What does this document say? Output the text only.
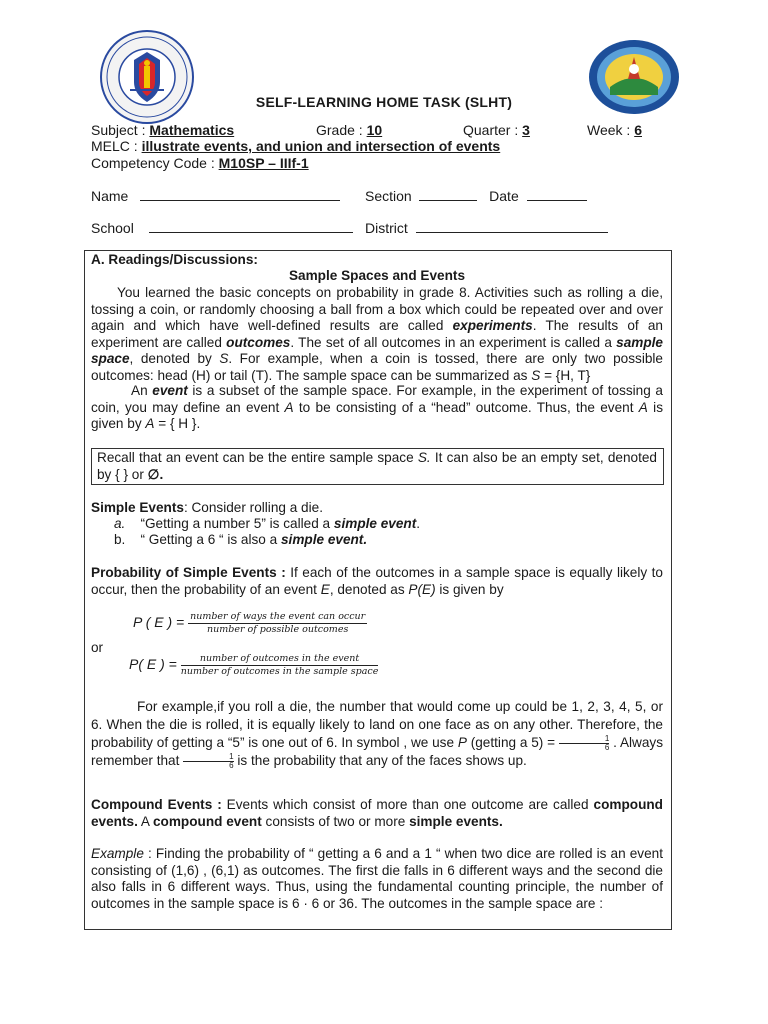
SELF-LEARNING HOME TASK (SLHT)
Subject : Mathematics	Grade : 10	Quarter : 3	Week : 6
MELC : illustrate events, and union and intersection of events
Competency Code : M10SP – IIIf-1
Name	Section	Date
School	District
A. Readings/Discussions:
Sample Spaces and Events
You learned the basic concepts on probability in grade 8. Activities such as rolling a die, tossing a coin, or randomly choosing a ball from a box which could be repeated over and over again and which have well-defined results are called experiments. The results of an experiment are called outcomes. The set of all outcomes in an experiment is called a sample space, denoted by S. For example, when a coin is tossed, there are only two possible outcomes: head (H) or tail (T). The sample space can be summarized as S = {H, T}
An event is a subset of the sample space. For example, in the experiment of tossing a coin, you may define an event A to be consisting of a “head” outcome. Thus, the event A is given by A = { H }.
Recall that an event can be the entire sample space S. It can also be an empty set, denoted by { } or ∅.
Simple Events: Consider rolling a die.
a. “Getting a number 5” is called a simple event.
b. “ Getting a 6 “ is also a simple event.
Probability of Simple Events : If each of the outcomes in a sample space is equally likely to occur, then the probability of an event E, denoted as P(E) is given by
P ( E ) = $\frac{\text{number of ways the event can occur}}{\text{number of possible outcomes}}$
or
P( E ) = $\frac{\text{number of outcomes in the event}}{\text{number of outcomes in the sample space}}$
For example,if you roll a die, the number that would come up could be 1, 2, 3, 4, 5, or 6. When the die is rolled, it is equally likely to land on one face as on any other. Therefore, the probability of getting a “5” is one out of 6. In symbol , we use P (getting a $5) = \frac{1}{6}$ . Always remember that $\frac{1}{6}$ is the probability that any of the faces shows up.
Compound Events : Events which consist of more than one outcome are called compound events. A compound event consists of two or more simple events.
Example : Finding the probability of “ getting a 6 and a 1 “ when two dice are rolled is an event consisting of (1,6) , (6,1) as outcomes. The first die falls in 6 different ways and the second die also falls in 6 different ways. Thus, using the fundamental counting principle, the number of outcomes in the sample space is 6 · 6 or 36. The outcomes in the sample space are :
